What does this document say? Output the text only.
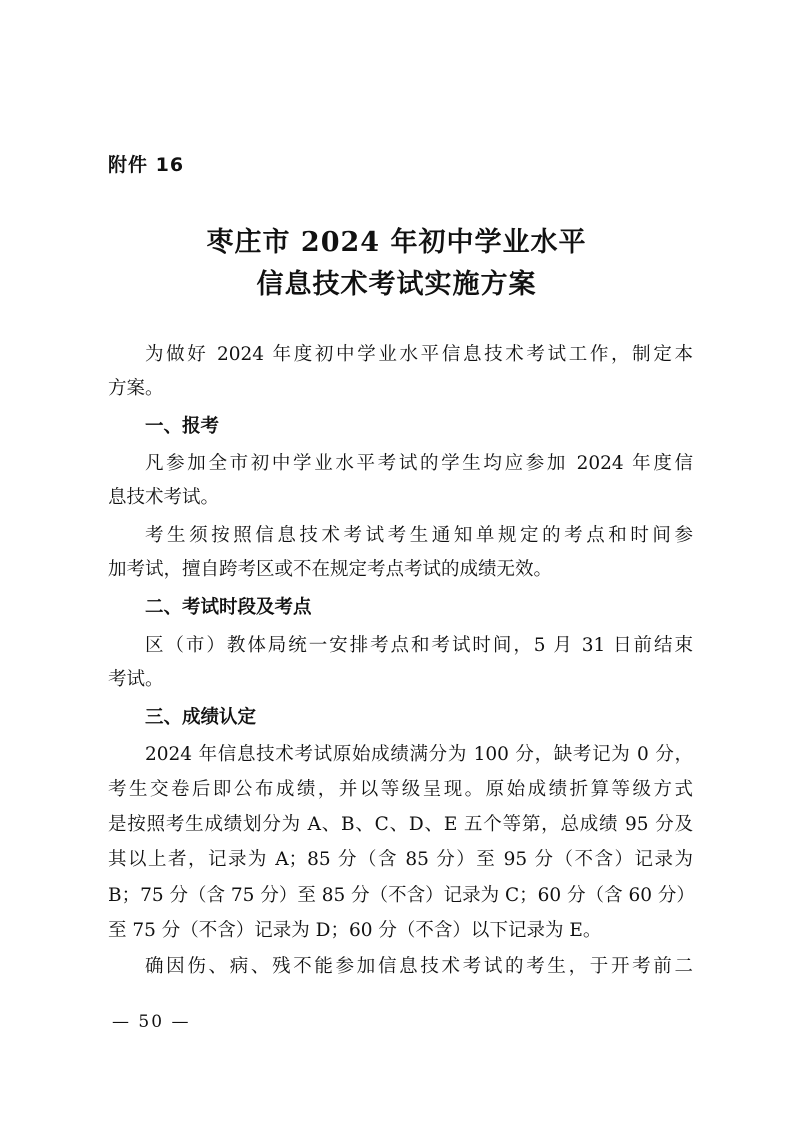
附件 16
枣庄市 2024 年初中学业水平
信息技术考试实施方案
为做好 2024 年度初中学业水平信息技术考试工作，制定本
方案。
一、报考
凡参加全市初中学业水平考试的学生均应参加 2024 年度信
息技术考试。
考生须按照信息技术考试考生通知单规定的考点和时间参
加考试，擅自跨考区或不在规定考点考试的成绩无效。
二、考试时段及考点
区（市）教体局统一安排考点和考试时间，5 月 31 日前结束
考试。
三、成绩认定
2024 年信息技术考试原始成绩满分为 100 分，缺考记为 0 分，
考生交卷后即公布成绩，并以等级呈现。原始成绩折算等级方式
是按照考生成绩划分为 A、B、C、D、E 五个等第，总成绩 95 分及
其以上者，记录为 A；85 分（含 85 分）至 95 分（不含）记录为
B；75 分（含 75 分）至 85 分（不含）记录为 C；60 分（含 60 分）
至 75 分（不含）记录为 D；60 分（不含）以下记录为 E。
确因伤、病、残不能参加信息技术考试的考生，于开考前二
— 50 —
